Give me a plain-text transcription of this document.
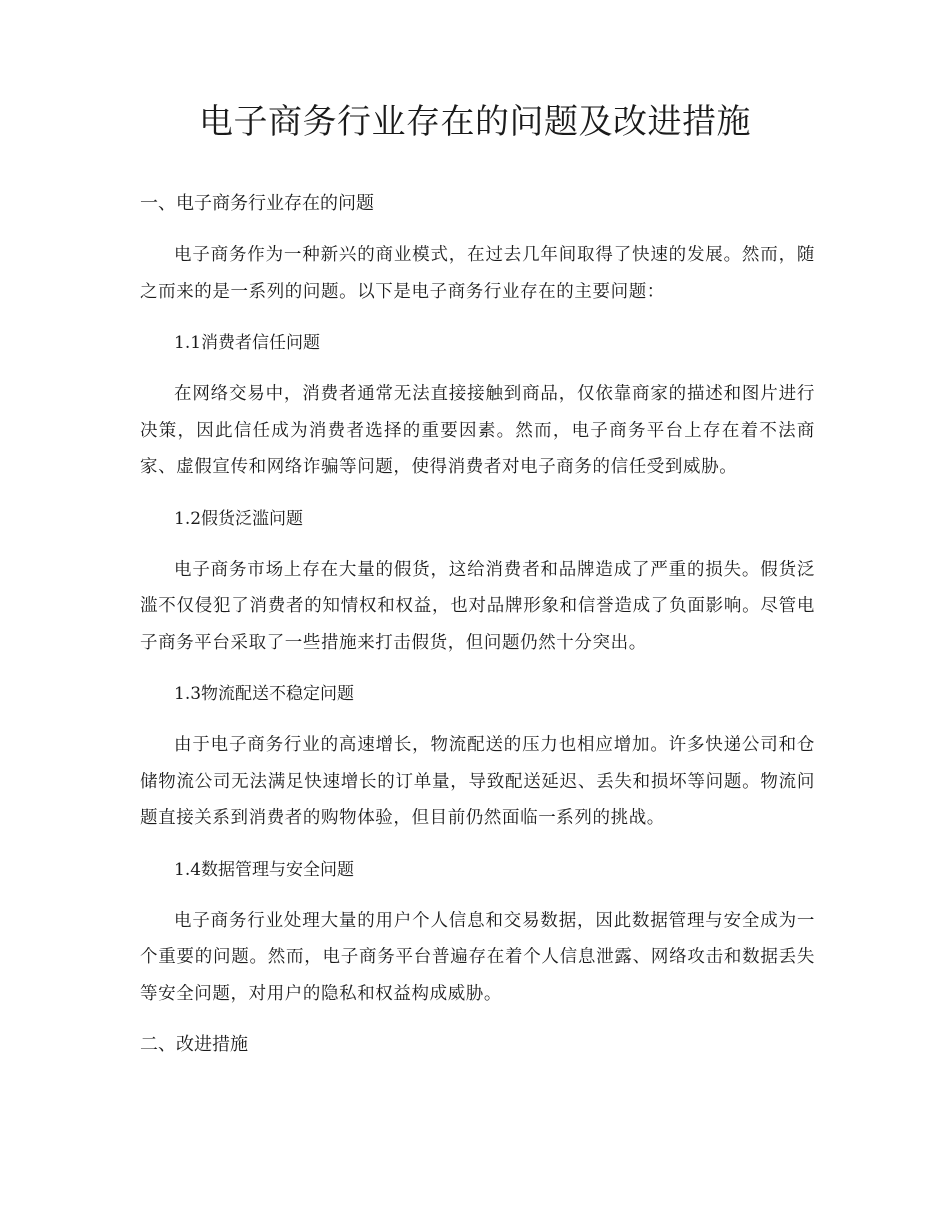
电子商务行业存在的问题及改进措施
一、电子商务行业存在的问题

电子商务作为一种新兴的商业模式，在过去几年间取得了快速的发展。然而，随之而来的是一系列的问题。以下是电子商务行业存在的主要问题：

1.1消费者信任问题

在网络交易中，消费者通常无法直接接触到商品，仅依靠商家的描述和图片进行决策，因此信任成为消费者选择的重要因素。然而，电子商务平台上存在着不法商家、虚假宣传和网络诈骗等问题，使得消费者对电子商务的信任受到威胁。

1.2假货泛滥问题

电子商务市场上存在大量的假货，这给消费者和品牌造成了严重的损失。假货泛滥不仅侵犯了消费者的知情权和权益，也对品牌形象和信誉造成了负面影响。尽管电子商务平台采取了一些措施来打击假货，但问题仍然十分突出。

1.3物流配送不稳定问题

由于电子商务行业的高速增长，物流配送的压力也相应增加。许多快递公司和仓储物流公司无法满足快速增长的订单量，导致配送延迟、丢失和损坏等问题。物流问题直接关系到消费者的购物体验，但目前仍然面临一系列的挑战。

1.4数据管理与安全问题

电子商务行业处理大量的用户个人信息和交易数据，因此数据管理与安全成为一个重要的问题。然而，电子商务平台普遍存在着个人信息泄露、网络攻击和数据丢失等安全问题，对用户的隐私和权益构成威胁。

二、改进措施
